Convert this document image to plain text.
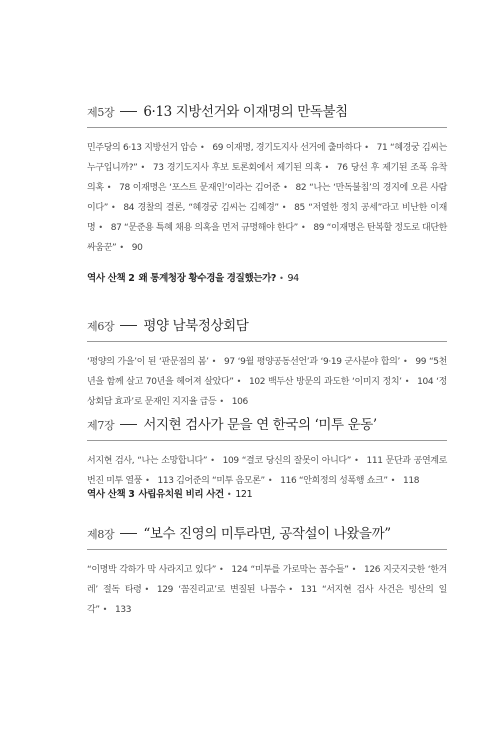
제5장 6·13 지방선거와 이재명의 만독불침
민주당의 6·13 지방선거 압승 • 69 이재명, 경기도지사 선거에 출마하다 • 71 “혜경궁 김씨는 누구입니까?” • 73 경기도지사 후보 토론회에서 제기된 의혹 • 76 당선 후 제기된 조폭 유착 의혹 • 78 이재명은 ‘포스트 문재인’이라는 김어준 • 82 “나는 ‘만독불침’의 경지에 오른 사람이다” • 84 경찰의 결론, “혜경궁 김씨는 김혜경” • 85 “저열한 정치 공세”라고 비난한 이재명 • 87 “문준용 특혜 채용 의혹을 먼저 규명해야 한다” • 89 “이재명은 탄복할 정도로 대단한 싸움꾼” • 90
역사 산책 2 왜 통계청장 황수경을 경질했는가? • 94
제6장 평양 남북정상회담
‘평양의 가을’이 된 ‘판문점의 봄’ • 97 ‘9월 평양공동선언’과 ‘9·19 군사분야 합의’ • 99 “5천 년을 함께 살고 70년을 헤어져 살았다” • 102 백두산 방문의 과도한 ‘이미지 정치’ • 104 ‘정상회담 효과’로 문재인 지지율 급등 • 106
제7장 서지현 검사가 문을 연 한국의 ‘미투 운동’
서지현 검사, “나는 소망합니다” • 109 “결코 당신의 잘못이 아니다” • 111 문단과 공연계로 번진 미투 열풍 • 113 김어준의 “미투 음모론” • 116 “안희정의 성폭행 쇼크” • 118
역사 산책 3 사립유치원 비리 사건 • 121
제8장 “보수 진영의 미투라면, 공작설이 나왔을까”
“이명박 각하가 막 사라지고 있다” • 124 “미투를 가로막는 꼼수들” • 126 지긋지긋한 ‘한겨레’ 절독 타령 • 129 ‘꼼진리교’로 변질된 나꼼수 • 131 “서지현 검사 사건은 빙산의 일각” • 133
